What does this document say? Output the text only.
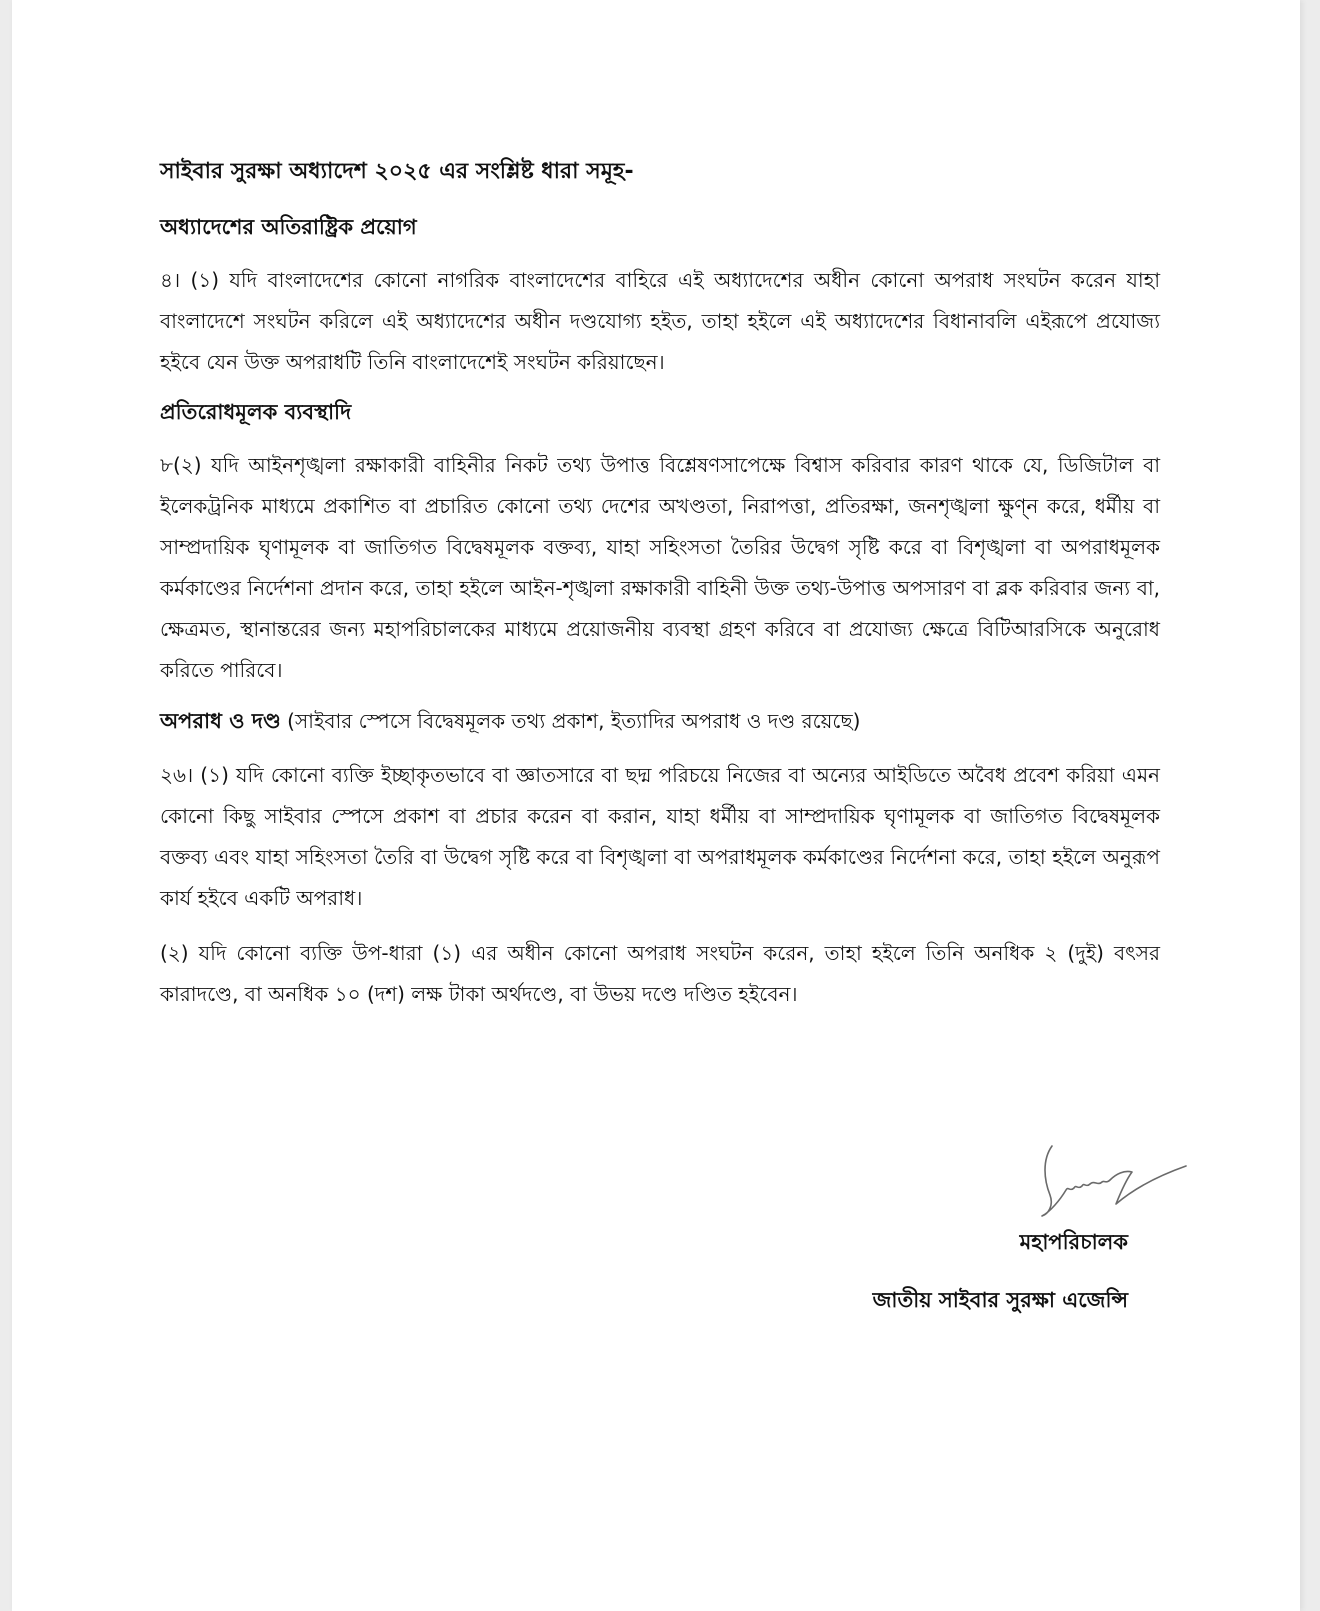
সাইবার সুরক্ষা অধ্যাদেশ ২০২৫ এর সংশ্লিষ্ট ধারা সমূহ-
অধ্যাদেশের অতিরাষ্ট্রিক প্রয়োগ

৪। (১) যদি বাংলাদেশের কোনো নাগরিক বাংলাদেশের বাহিরে এই অধ্যাদেশের অধীন কোনো অপরাধ সংঘটন করেন যাহা বাংলাদেশে সংঘটন করিলে এই অধ্যাদেশের অধীন দণ্ডযোগ্য হইত, তাহা হইলে এই অধ্যাদেশের বিধানাবলি এইরূপে প্রযোজ্য হইবে যেন উক্ত অপরাধটি তিনি বাংলাদেশেই সংঘটন করিয়াছেন।

প্রতিরোধমূলক ব্যবস্থাদি

৮(২) যদি আইনশৃঙ্খলা রক্ষাকারী বাহিনীর নিকট তথ্য উপাত্ত বিশ্লেষণসাপেক্ষে বিশ্বাস করিবার কারণ থাকে যে, ডিজিটাল বা ইলেকট্রনিক মাধ্যমে প্রকাশিত বা প্রচারিত কোনো তথ্য দেশের অখণ্ডতা, নিরাপত্তা, প্রতিরক্ষা, জনশৃঙ্খলা ক্ষুণ্ন করে, ধর্মীয় বা সাম্প্রদায়িক ঘৃণামূলক বা জাতিগত বিদ্বেষমূলক বক্তব্য, যাহা সহিংসতা তৈরির উদ্বেগ সৃষ্টি করে বা বিশৃঙ্খলা বা অপরাধমূলক কর্মকাণ্ডের নির্দেশনা প্রদান করে, তাহা হইলে আইন-শৃঙ্খলা রক্ষাকারী বাহিনী উক্ত তথ্য-উপাত্ত অপসারণ বা ব্লক করিবার জন্য বা, ক্ষেত্রমত, স্থানান্তরের জন্য মহাপরিচালকের মাধ্যমে প্রয়োজনীয় ব্যবস্থা গ্রহণ করিবে বা প্রযোজ্য ক্ষেত্রে বিটিআরসিকে অনুরোধ করিতে পারিবে।

অপরাধ ও দণ্ড (সাইবার স্পেসে বিদ্বেষমূলক তথ্য প্রকাশ, ইত্যাদির অপরাধ ও দণ্ড রয়েছে)

২৬। (১) যদি কোনো ব্যক্তি ইচ্ছাকৃতভাবে বা জ্ঞাতসারে বা ছদ্ম পরিচয়ে নিজের বা অন্যের আইডিতে অবৈধ প্রবেশ করিয়া এমন কোনো কিছু সাইবার স্পেসে প্রকাশ বা প্রচার করেন বা করান, যাহা ধর্মীয় বা সাম্প্রদায়িক ঘৃণামূলক বা জাতিগত বিদ্বেষমূলক বক্তব্য এবং যাহা সহিংসতা তৈরি বা উদ্বেগ সৃষ্টি করে বা বিশৃঙ্খলা বা অপরাধমূলক কর্মকাণ্ডের নির্দেশনা করে, তাহা হইলে অনুরূপ কার্য হইবে একটি অপরাধ।

(২) যদি কোনো ব্যক্তি উপ-ধারা (১) এর অধীন কোনো অপরাধ সংঘটন করেন, তাহা হইলে তিনি অনধিক ২ (দুই) বৎসর কারাদণ্ডে, বা অনধিক ১০ (দশ) লক্ষ টাকা অর্থদণ্ডে, বা উভয় দণ্ডে দণ্ডিত হইবেন।

মহাপরিচালক
জাতীয় সাইবার সুরক্ষা এজেন্সি
